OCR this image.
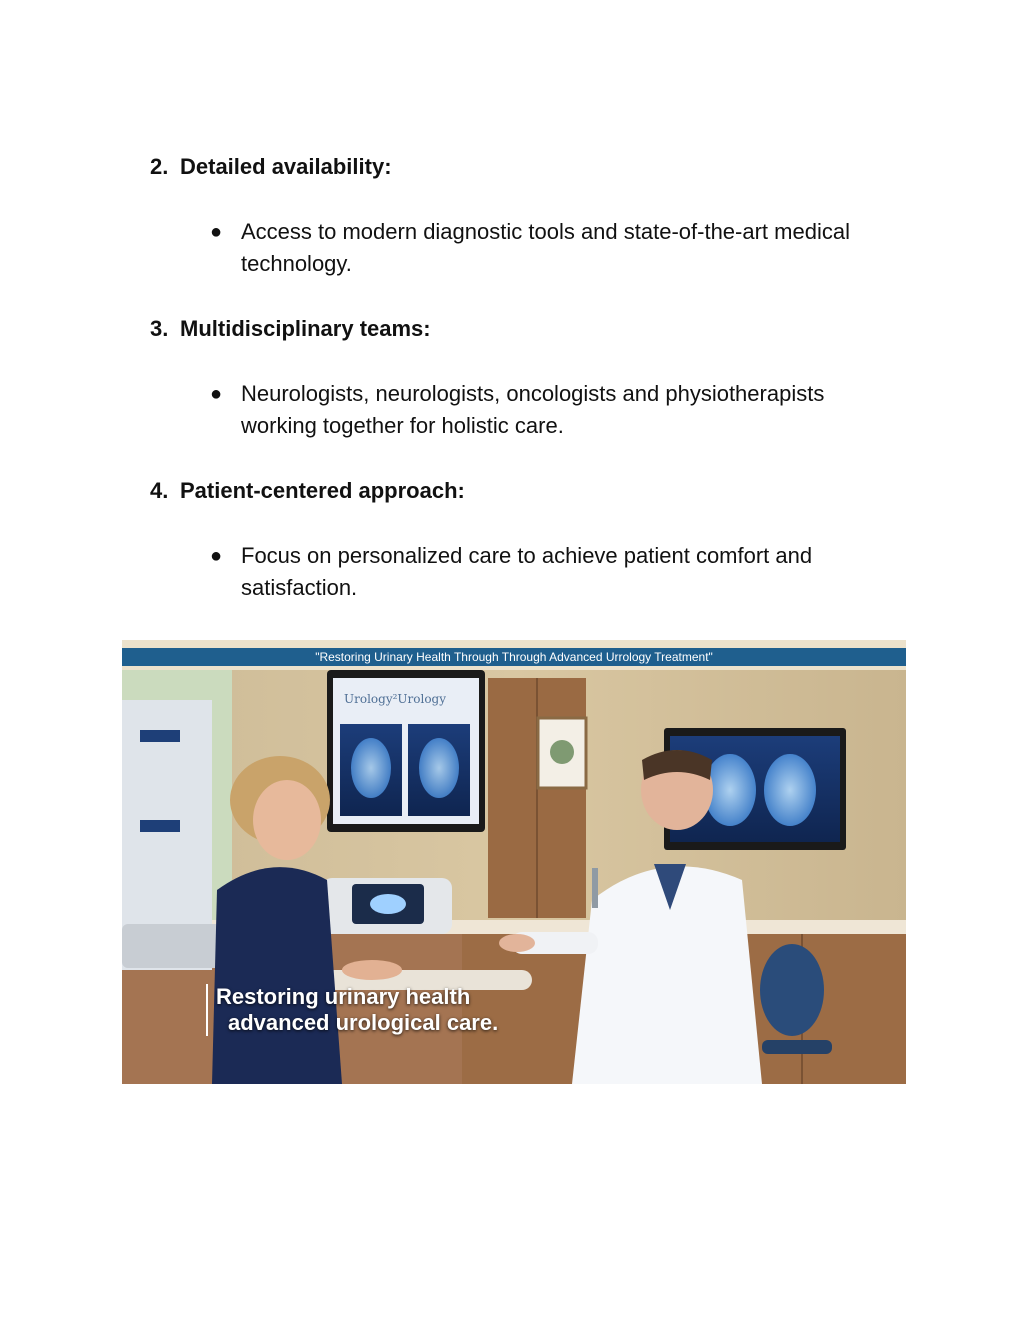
2. Detailed availability:
● Access to modern diagnostic tools and state-of-the-art medical technology.
3. Multidisciplinary teams:
● Neurologists, neurologists, oncologists and physiotherapists working together for holistic care.
4. Patient-centered approach:
● Focus on personalized care to achieve patient comfort and satisfaction.
"Restoring Urinary Health Through Through Advanced Urrology Treatment"
Urology²Urology
Restoring urinary health
advanced urological care.
